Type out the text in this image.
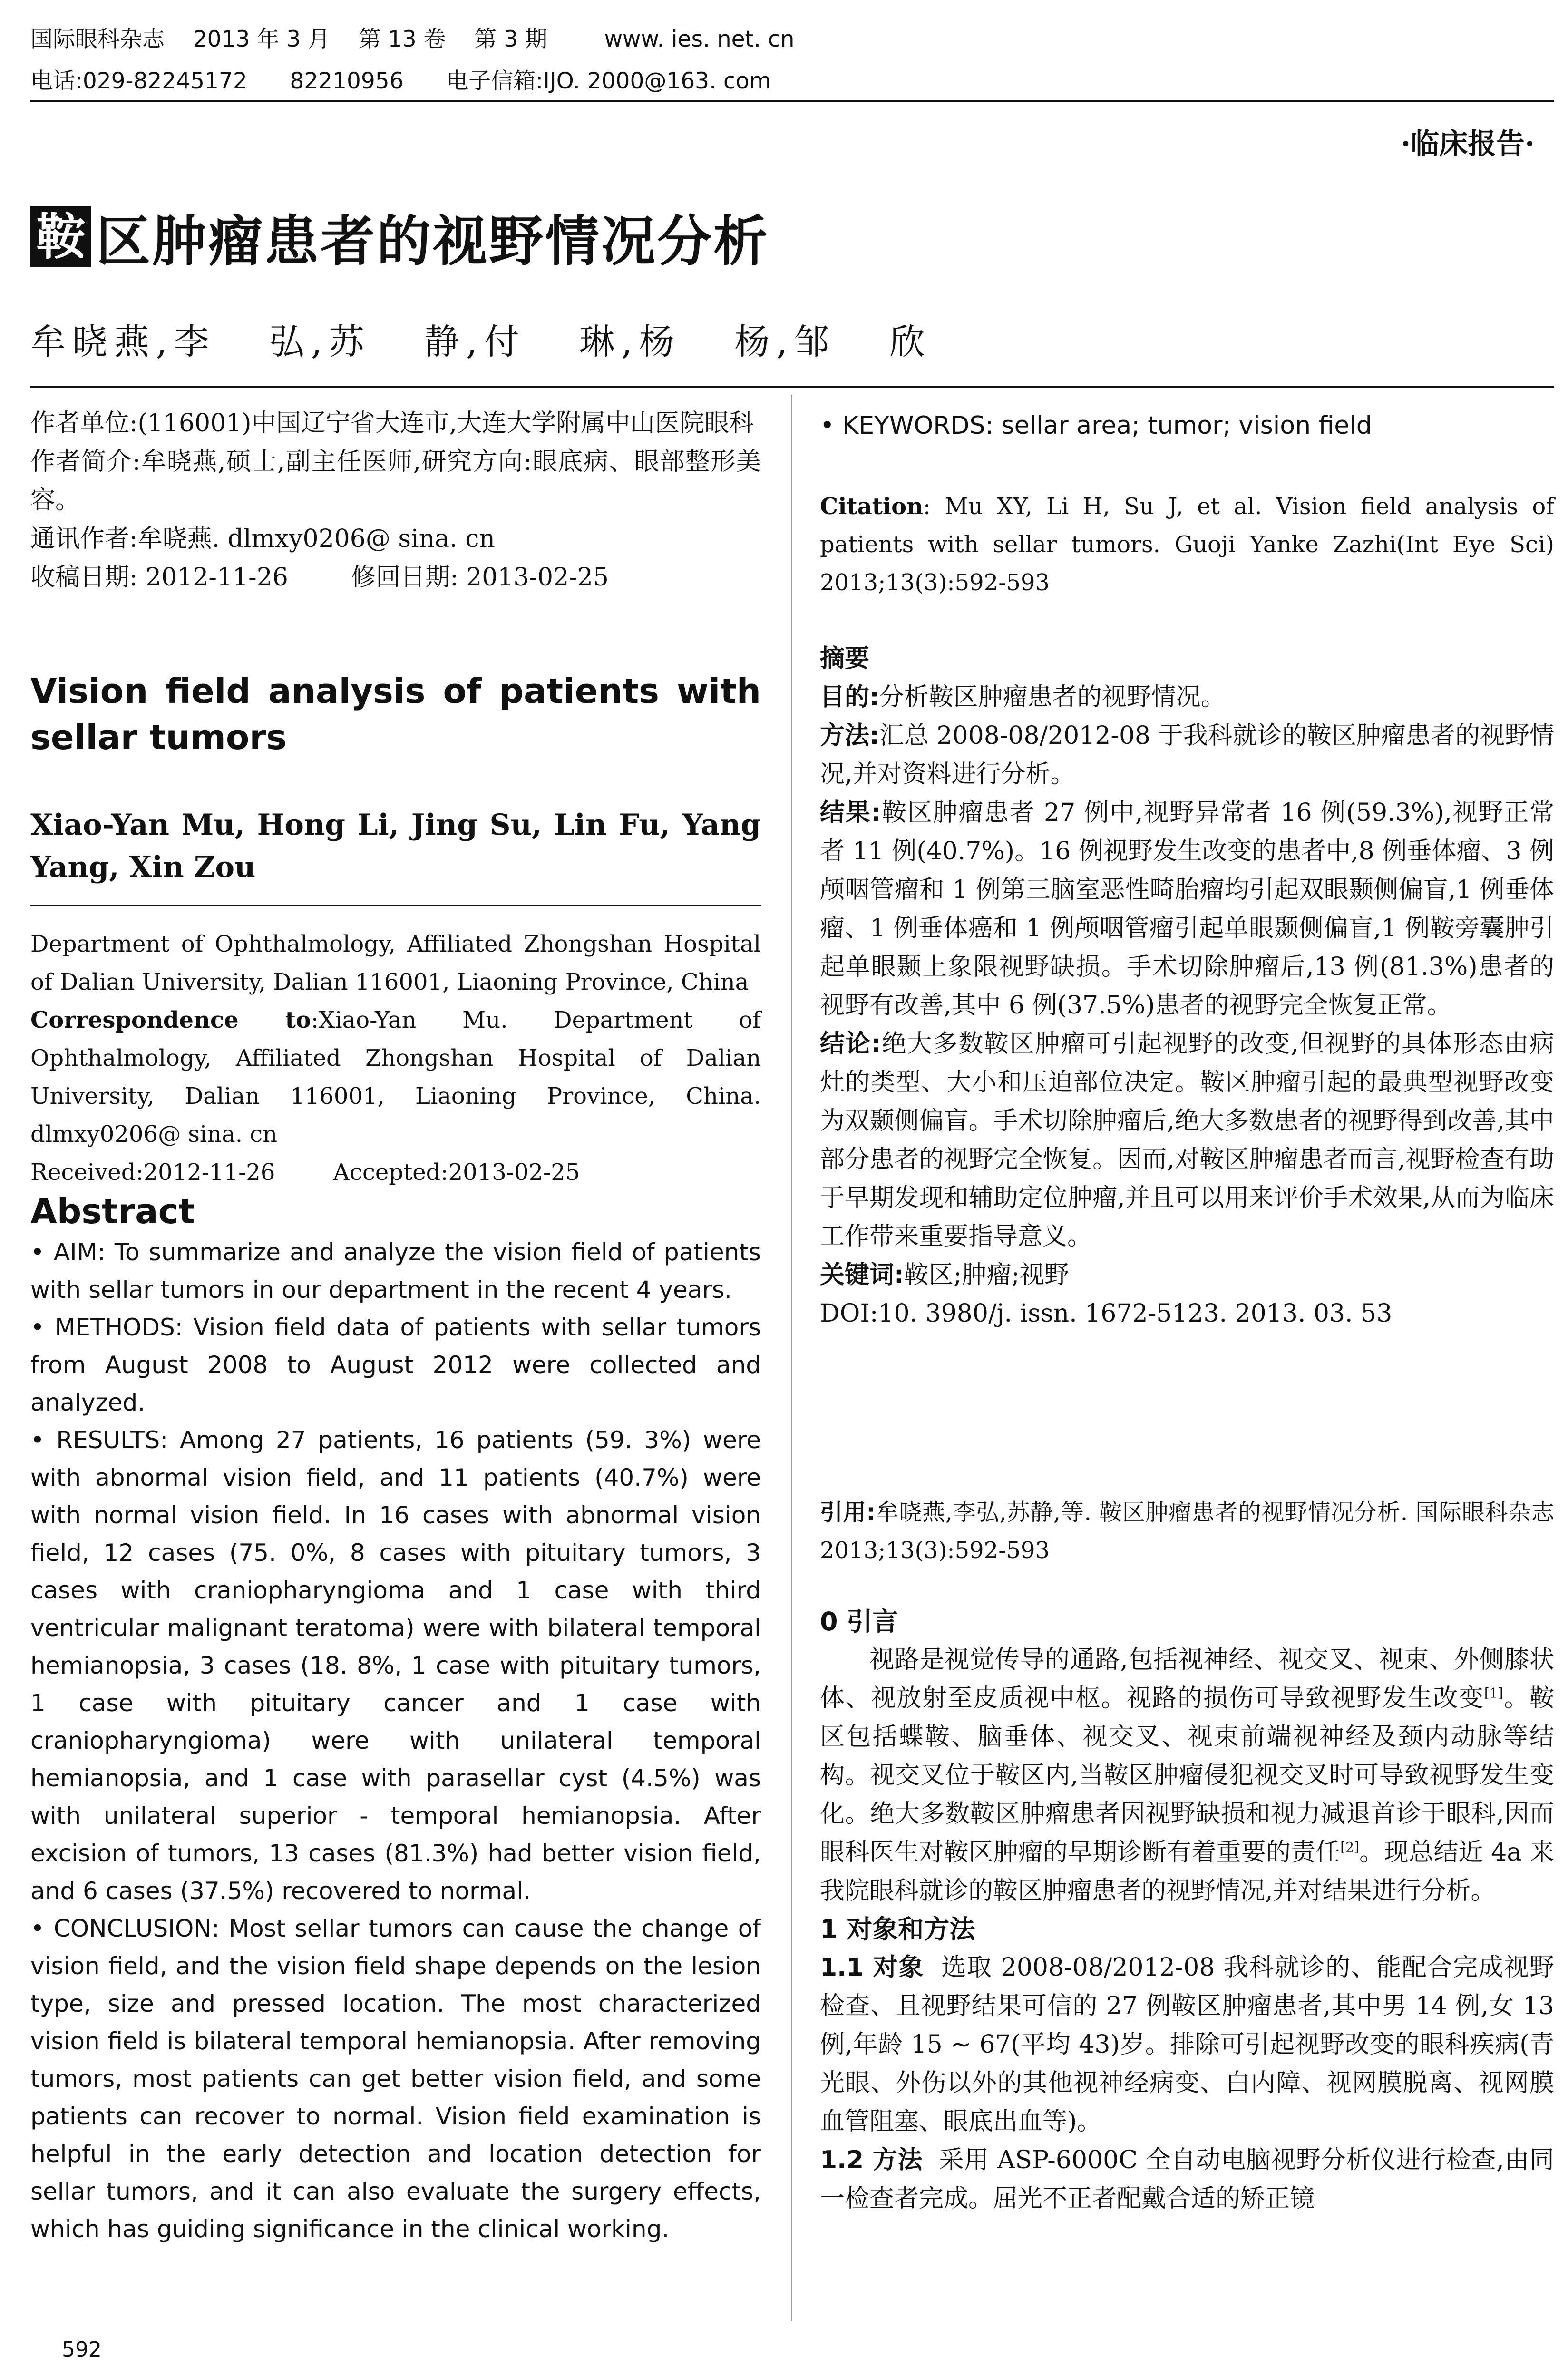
国际眼科杂志    2013 年 3 月    第 13 卷    第 3 期        www. ies. net. cn
电话:029-82245172      82210956      电子信箱:IJO. 2000@163. com
·临床报告·
鞍 区肿瘤患者的视野情况分析
牟晓燕,李   弘,苏   静,付   琳,杨   杨,邹   欣

作者单位:(116001)中国辽宁省大连市,大连大学附属中山医院眼科

作者简介:牟晓燕,硕士,副主任医师,研究方向:眼底病、眼部整形美容。

通讯作者:牟晓燕. dlmxy0206@ sina. cn

收稿日期: 2012-11-26        修回日期: 2013-02-25

Vision field analysis of patients with sellar tumors
Xiao-Yan Mu, Hong Li, Jing Su, Lin Fu, Yang Yang, Xin Zou

Department of Ophthalmology, Affiliated Zhongshan Hospital of Dalian University, Dalian 116001, Liaoning Province, China

Correspondence to:Xiao-Yan Mu. Department of Ophthalmology, Affiliated Zhongshan Hospital of Dalian University, Dalian 116001, Liaoning Province, China. dlmxy0206@ sina. cn

Received:2012-11-26        Accepted:2013-02-25

Abstract

• AIM: To summarize and analyze the vision field of patients with sellar tumors in our department in the recent 4 years.

• METHODS: Vision field data of patients with sellar tumors from August 2008 to August 2012 were collected and analyzed.

• RESULTS: Among 27 patients, 16 patients (59. 3%) were with abnormal vision field, and 11 patients (40.7%) were with normal vision field. In 16 cases with abnormal vision field, 12 cases (75. 0%, 8 cases with pituitary tumors, 3 cases with craniopharyngioma and 1 case with third ventricular malignant teratoma) were with bilateral temporal hemianopsia, 3 cases (18. 8%, 1 case with pituitary tumors, 1 case with pituitary cancer and 1 case with craniopharyngioma) were with unilateral temporal hemianopsia, and 1 case with parasellar cyst (4.5%) was with unilateral superior - temporal hemianopsia. After excision of tumors, 13 cases (81.3%) had better vision field, and 6 cases (37.5%) recovered to normal.

• CONCLUSION: Most sellar tumors can cause the change of vision field, and the vision field shape depends on the lesion type, size and pressed location. The most characterized vision field is bilateral temporal hemianopsia. After removing tumors, most patients can get better vision field, and some patients can recover to normal. Vision field examination is helpful in the early detection and location detection for sellar tumors, and it can also evaluate the surgery effects, which has guiding significance in the clinical working.

592
• KEYWORDS: sellar area; tumor; vision field
Citation: Mu XY, Li H, Su J, et al. Vision field analysis of patients with sellar tumors. Guoji Yanke Zazhi(Int Eye Sci) 2013;13(3):592-593

摘要

目的:分析鞍区肿瘤患者的视野情况。

方法:汇总 2008-08/2012-08 于我科就诊的鞍区肿瘤患者的视野情况,并对资料进行分析。

结果:鞍区肿瘤患者 27 例中,视野异常者 16 例(59.3%),视野正常者 11 例(40.7%)。16 例视野发生改变的患者中,8 例垂体瘤、3 例颅咽管瘤和 1 例第三脑室恶性畸胎瘤均引起双眼颞侧偏盲,1 例垂体瘤、1 例垂体癌和 1 例颅咽管瘤引起单眼颞侧偏盲,1 例鞍旁囊肿引起单眼颞上象限视野缺损。手术切除肿瘤后,13 例(81.3%)患者的视野有改善,其中 6 例(37.5%)患者的视野完全恢复正常。

结论:绝大多数鞍区肿瘤可引起视野的改变,但视野的具体形态由病灶的类型、大小和压迫部位决定。鞍区肿瘤引起的最典型视野改变为双颞侧偏盲。手术切除肿瘤后,绝大多数患者的视野得到改善,其中部分患者的视野完全恢复。因而,对鞍区肿瘤患者而言,视野检查有助于早期发现和辅助定位肿瘤,并且可以用来评价手术效果,从而为临床工作带来重要指导意义。

关键词:鞍区;肿瘤;视野

DOI:10. 3980/j. issn. 1672-5123. 2013. 03. 53

引用:牟晓燕,李弘,苏静,等. 鞍区肿瘤患者的视野情况分析. 国际眼科杂志 2013;13(3):592-593

0 引言

视路是视觉传导的通路,包括视神经、视交叉、视束、外侧膝状体、视放射至皮质视中枢。视路的损伤可导致视野发生改变[1]。鞍区包括蝶鞍、脑垂体、视交叉、视束前端视神经及颈内动脉等结构。视交叉位于鞍区内,当鞍区肿瘤侵犯视交叉时可导致视野发生变化。绝大多数鞍区肿瘤患者因视野缺损和视力减退首诊于眼科,因而眼科医生对鞍区肿瘤的早期诊断有着重要的责任[2]。现总结近 4a 来我院眼科就诊的鞍区肿瘤患者的视野情况,并对结果进行分析。

1 对象和方法

1.1 对象 选取 2008-08/2012-08 我科就诊的、能配合完成视野检查、且视野结果可信的 27 例鞍区肿瘤患者,其中男 14 例,女 13 例,年龄 15 ~ 67(平均 43)岁。排除可引起视野改变的眼科疾病(青光眼、外伤以外的其他视神经病变、白内障、视网膜脱离、视网膜血管阻塞、眼底出血等)。

1.2 方法 采用 ASP-6000C 全自动电脑视野分析仪进行检查,由同一检查者完成。屈光不正者配戴合适的矫正镜
